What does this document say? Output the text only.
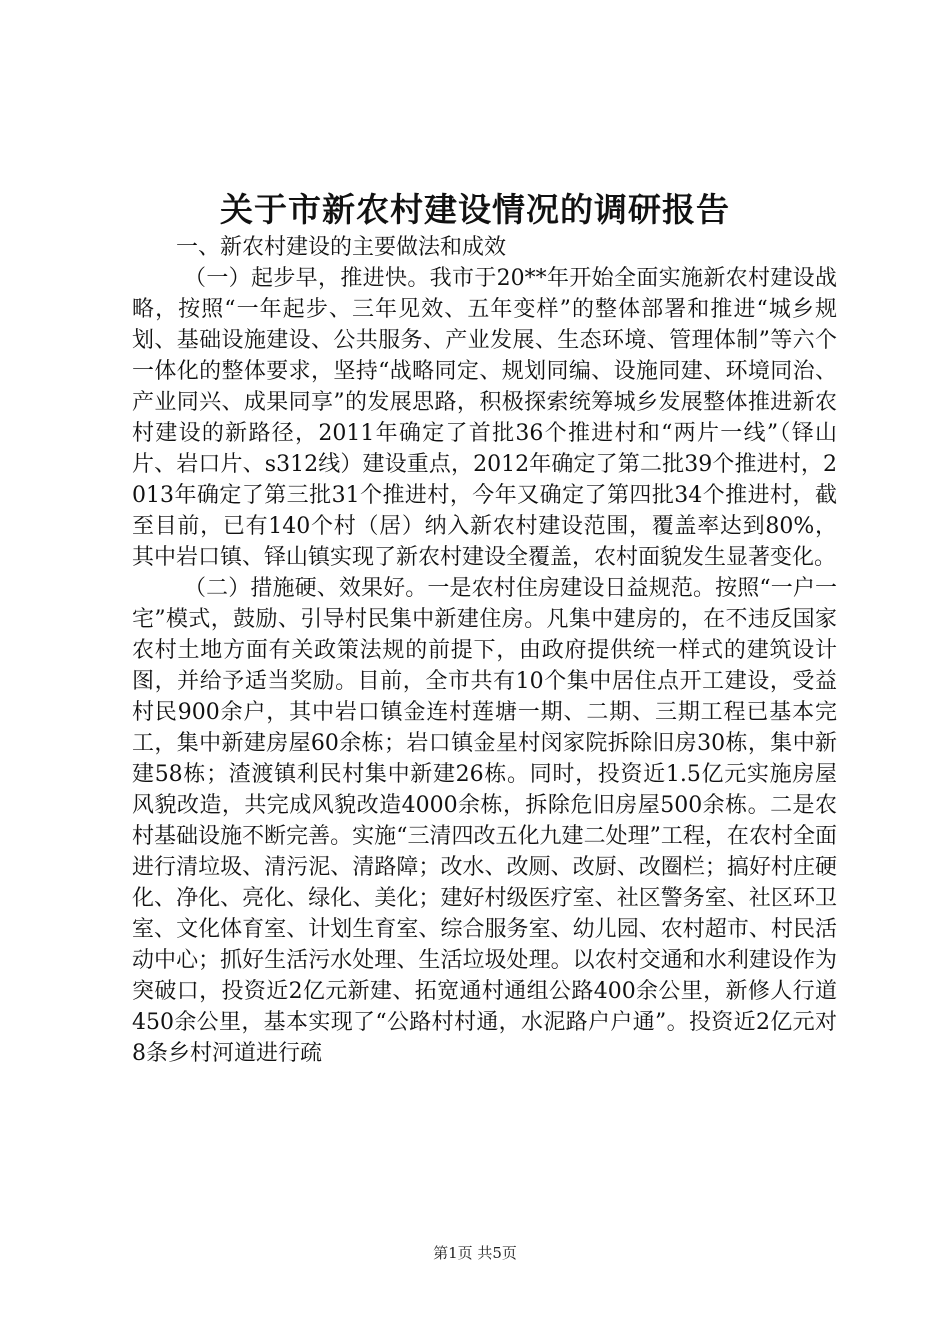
关于市新农村建设情况的调研报告

一、新农村建设的主要做法和成效

（一）起步早，推进快。我市于20**年开始全面实施新农村建设战略，按照“一年起步、三年见效、五年变样”的整体部署和推进“城乡规划、基础设施建设、公共服务、产业发展、生态环境、管理体制”等六个一体化的整体要求，坚持“战略同定、规划同编、设施同建、环境同治、产业同兴、成果同享”的发展思路，积极探索统筹城乡发展整体推进新农村建设的新路径，2011年确定了首批36个推进村和“两片一线”（铎山片、岩口片、s312线）建设重点，2012年确定了第二批39个推进村，2013年确定了第三批31个推进村，今年又确定了第四批34个推进村，截至目前，已有140个村（居）纳入新农村建设范围，覆盖率达到80%，其中岩口镇、铎山镇实现了新农村建设全覆盖，农村面貌发生显著变化。

（二）措施硬、效果好。一是农村住房建设日益规范。按照“一户一宅”模式，鼓励、引导村民集中新建住房。凡集中建房的，在不违反国家农村土地方面有关政策法规的前提下，由政府提供统一样式的建筑设计图，并给予适当奖励。目前，全市共有10个集中居住点开工建设，受益村民900余户，其中岩口镇金连村莲塘一期、二期、三期工程已基本完工，集中新建房屋60余栋；岩口镇金星村闵家院拆除旧房30栋，集中新建58栋；渣渡镇利民村集中新建26栋。同时，投资近1.5亿元实施房屋风貌改造，共完成风貌改造4000余栋，拆除危旧房屋500余栋。二是农村基础设施不断完善。实施“三清四改五化九建二处理”工程，在农村全面进行清垃圾、清污泥、清路障；改水、改厕、改厨、改圈栏；搞好村庄硬化、净化、亮化、绿化、美化；建好村级医疗室、社区警务室、社区环卫室、文化体育室、计划生育室、综合服务室、幼儿园、农村超市、村民活动中心；抓好生活污水处理、生活垃圾处理。以农村交通和水利建设作为突破口，投资近2亿元新建、拓宽通村通组公路400余公里，新修人行道450余公里，基本实现了“公路村村通，水泥路户户通”。投资近2亿元对8条乡村河道进行疏

第1页 共5页
